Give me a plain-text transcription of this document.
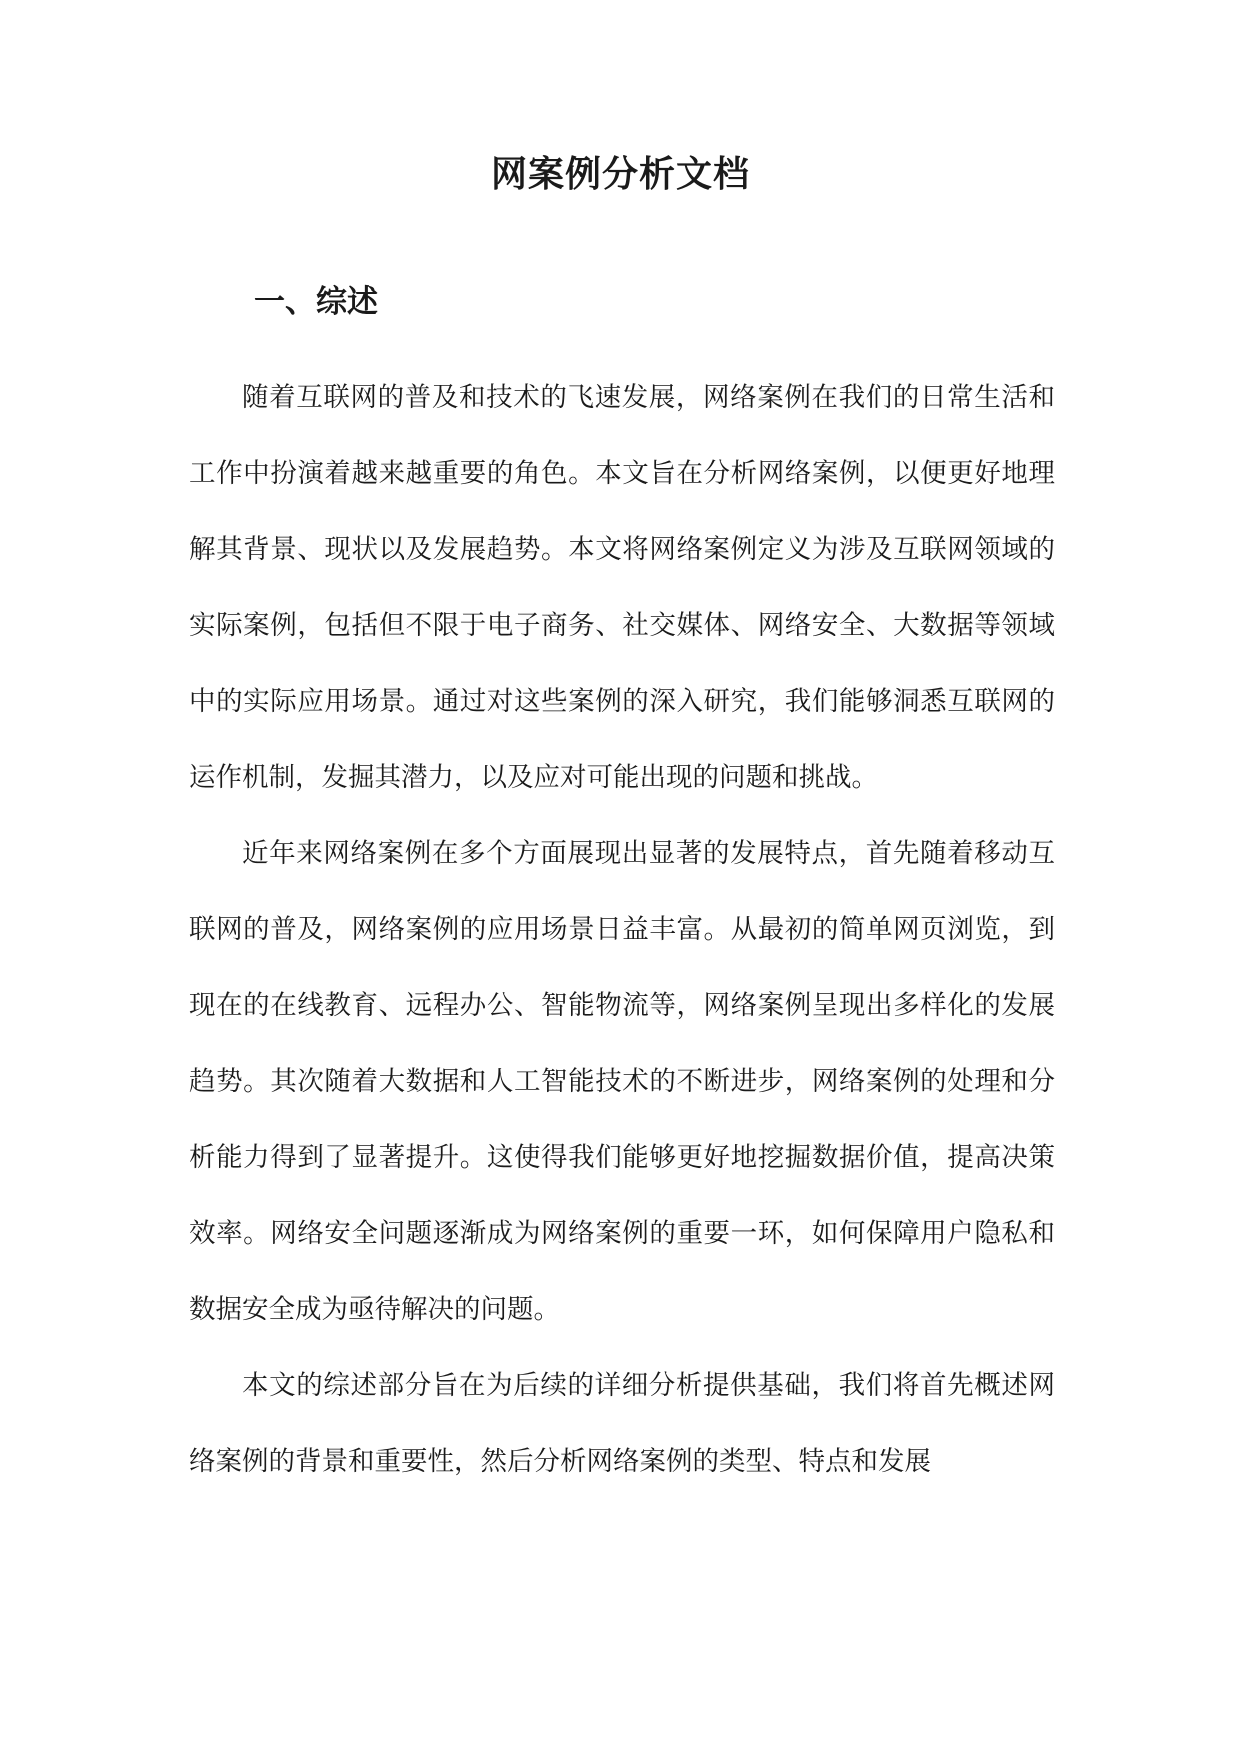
网案例分析文档
一、综述

随着互联网的普及和技术的飞速发展，网络案例在我们的日常生活和工作中扮演着越来越重要的角色。本文旨在分析网络案例，以便更好地理解其背景、现状以及发展趋势。本文将网络案例定义为涉及互联网领域的实际案例，包括但不限于电子商务、社交媒体、网络安全、大数据等领域中的实际应用场景。通过对这些案例的深入研究，我们能够洞悉互联网的运作机制，发掘其潜力，以及应对可能出现的问题和挑战。

近年来网络案例在多个方面展现出显著的发展特点，首先随着移动互联网的普及，网络案例的应用场景日益丰富。从最初的简单网页浏览，到现在的在线教育、远程办公、智能物流等，网络案例呈现出多样化的发展趋势。其次随着大数据和人工智能技术的不断进步，网络案例的处理和分析能力得到了显著提升。这使得我们能够更好地挖掘数据价值，提高决策效率。网络安全问题逐渐成为网络案例的重要一环，如何保障用户隐私和数据安全成为亟待解决的问题。

本文的综述部分旨在为后续的详细分析提供基础，我们将首先概述网络案例的背景和重要性，然后分析网络案例的类型、特点和发展
